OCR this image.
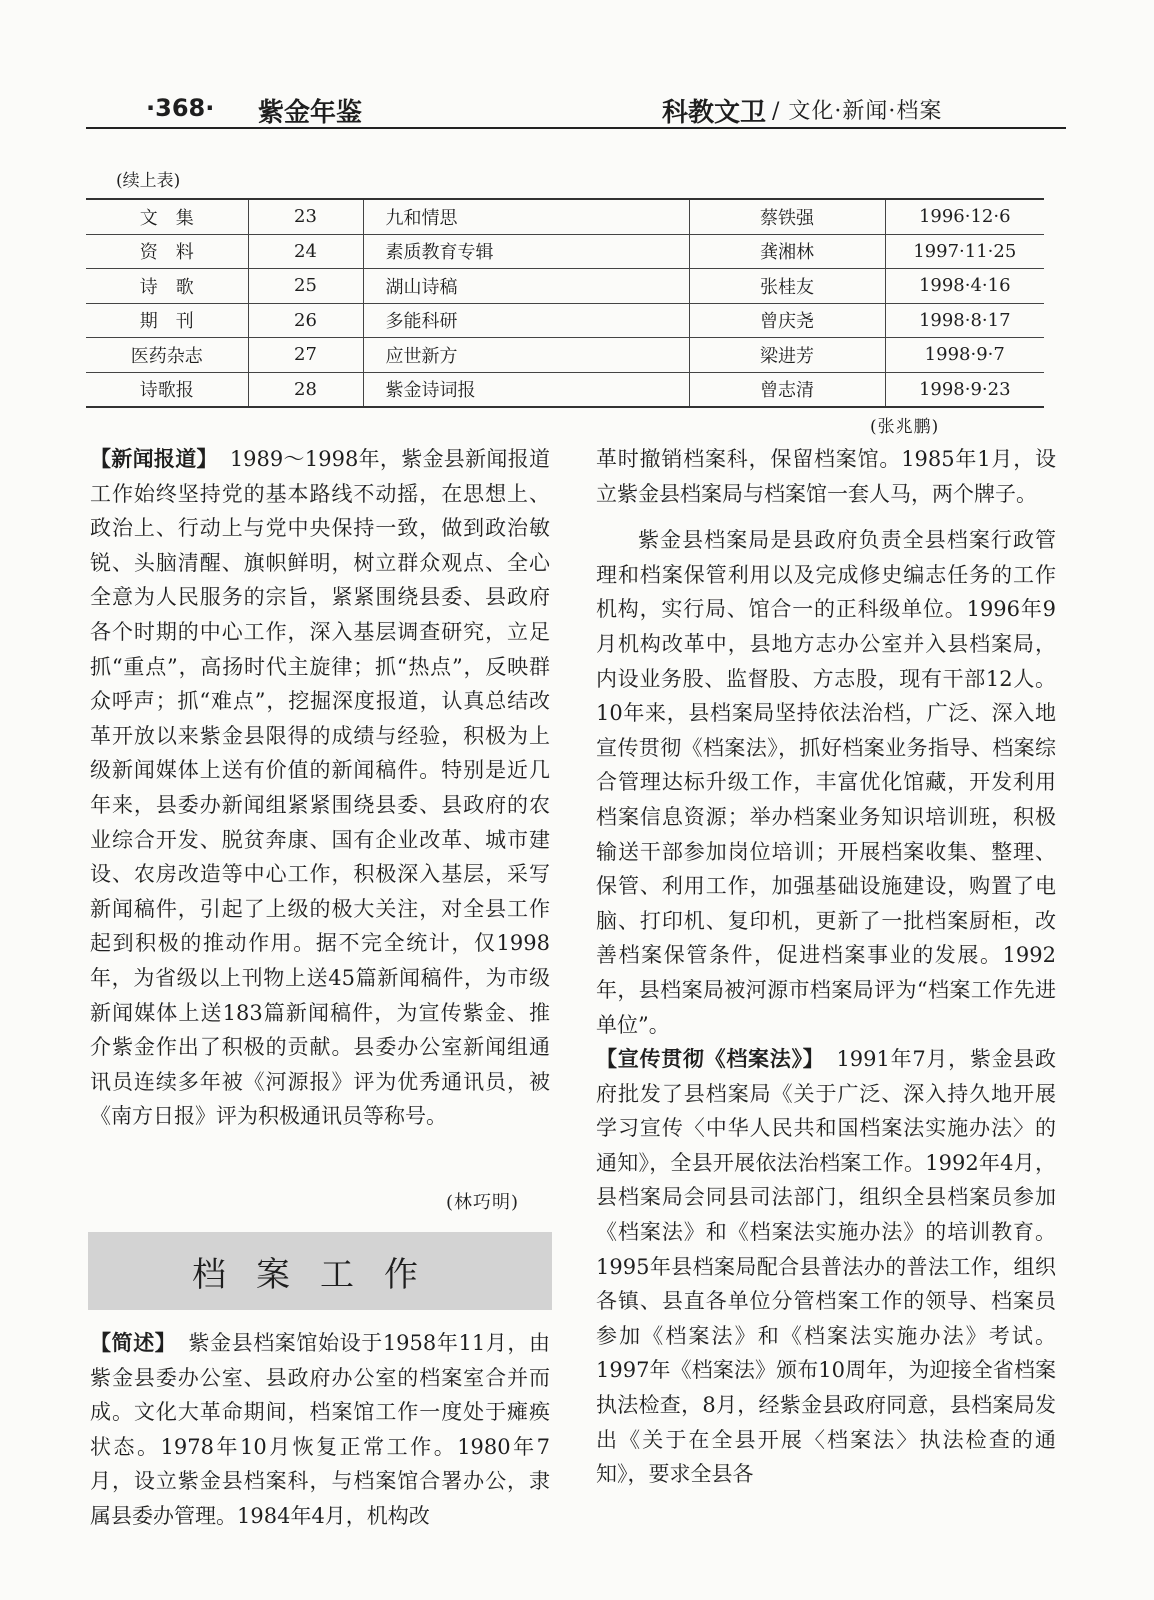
·368· 紫金年鉴	科教文卫 / 文化·新闻·档案
(续上表)
文　集	23	九和情思	蔡铁强	1996·12·6
资　料	24	素质教育专辑	龚湘林	1997·11·25
诗　歌	25	湖山诗稿	张桂友	1998·4·16
期　刊	26	多能科研	曾庆尧	1998·8·17
医药杂志	27	应世新方	梁进芳	1998·9·7
诗歌报	28	紫金诗词报	曾志清	1998·9·23
(张兆鹏)

【新闻报道】 1989～1998年，紫金县新闻报道工作始终坚持党的基本路线不动摇，在思想上、政治上、行动上与党中央保持一致，做到政治敏锐、头脑清醒、旗帜鲜明，树立群众观点、全心全意为人民服务的宗旨，紧紧围绕县委、县政府各个时期的中心工作，深入基层调查研究，立足抓“重点”，高扬时代主旋律；抓“热点”，反映群众呼声；抓“难点”，挖掘深度报道，认真总结改革开放以来紫金县限得的成绩与经验，积极为上级新闻媒体上送有价值的新闻稿件。特别是近几年来，县委办新闻组紧紧围绕县委、县政府的农业综合开发、脱贫奔康、国有企业改革、城市建设、农房改造等中心工作，积极深入基层，采写新闻稿件，引起了上级的极大关注，对全县工作起到积极的推动作用。据不完全统计，仅1998年，为省级以上刊物上送45篇新闻稿件，为市级新闻媒体上送183篇新闻稿件，为宣传紫金、推介紫金作出了积极的贡献。县委办公室新闻组通讯员连续多年被《河源报》评为优秀通讯员，被《南方日报》评为积极通讯员等称号。

(林巧明)
档案工作

【简述】 紫金县档案馆始设于1958年11月，由紫金县委办公室、县政府办公室的档案室合并而成。文化大革命期间，档案馆工作一度处于瘫痪状态。1978年10月恢复正常工作。1980年7月，设立紫金县档案科，与档案馆合署办公，隶属县委办管理。1984年4月，机构改

革时撤销档案科，保留档案馆。1985年1月，设立紫金县档案局与档案馆一套人马，两个牌子。

紫金县档案局是县政府负责全县档案行政管理和档案保管利用以及完成修史编志任务的工作机构，实行局、馆合一的正科级单位。1996年9月机构改革中，县地方志办公室并入县档案局，内设业务股、监督股、方志股，现有干部12人。10年来，县档案局坚持依法治档，广泛、深入地宣传贯彻《档案法》，抓好档案业务指导、档案综合管理达标升级工作，丰富优化馆藏，开发利用档案信息资源；举办档案业务知识培训班，积极输送干部参加岗位培训；开展档案收集、整理、保管、利用工作，加强基础设施建设，购置了电脑、打印机、复印机，更新了一批档案厨柜，改善档案保管条件，促进档案事业的发展。1992年，县档案局被河源市档案局评为“档案工作先进单位”。

【宣传贯彻《档案法》】 1991年7月，紫金县政府批发了县档案局《关于广泛、深入持久地开展学习宣传〈中华人民共和国档案法实施办法〉的通知》，全县开展依法治档案工作。1992年4月，县档案局会同县司法部门，组织全县档案员参加《档案法》和《档案法实施办法》的培训教育。1995年县档案局配合县普法办的普法工作，组织各镇、县直各单位分管档案工作的领导、档案员参加《档案法》和《档案法实施办法》考试。1997年《档案法》颁布10周年，为迎接全省档案执法检查，8月，经紫金县政府同意，县档案局发出《关于在全县开展〈档案法〉执法检查的通知》，要求全县各
